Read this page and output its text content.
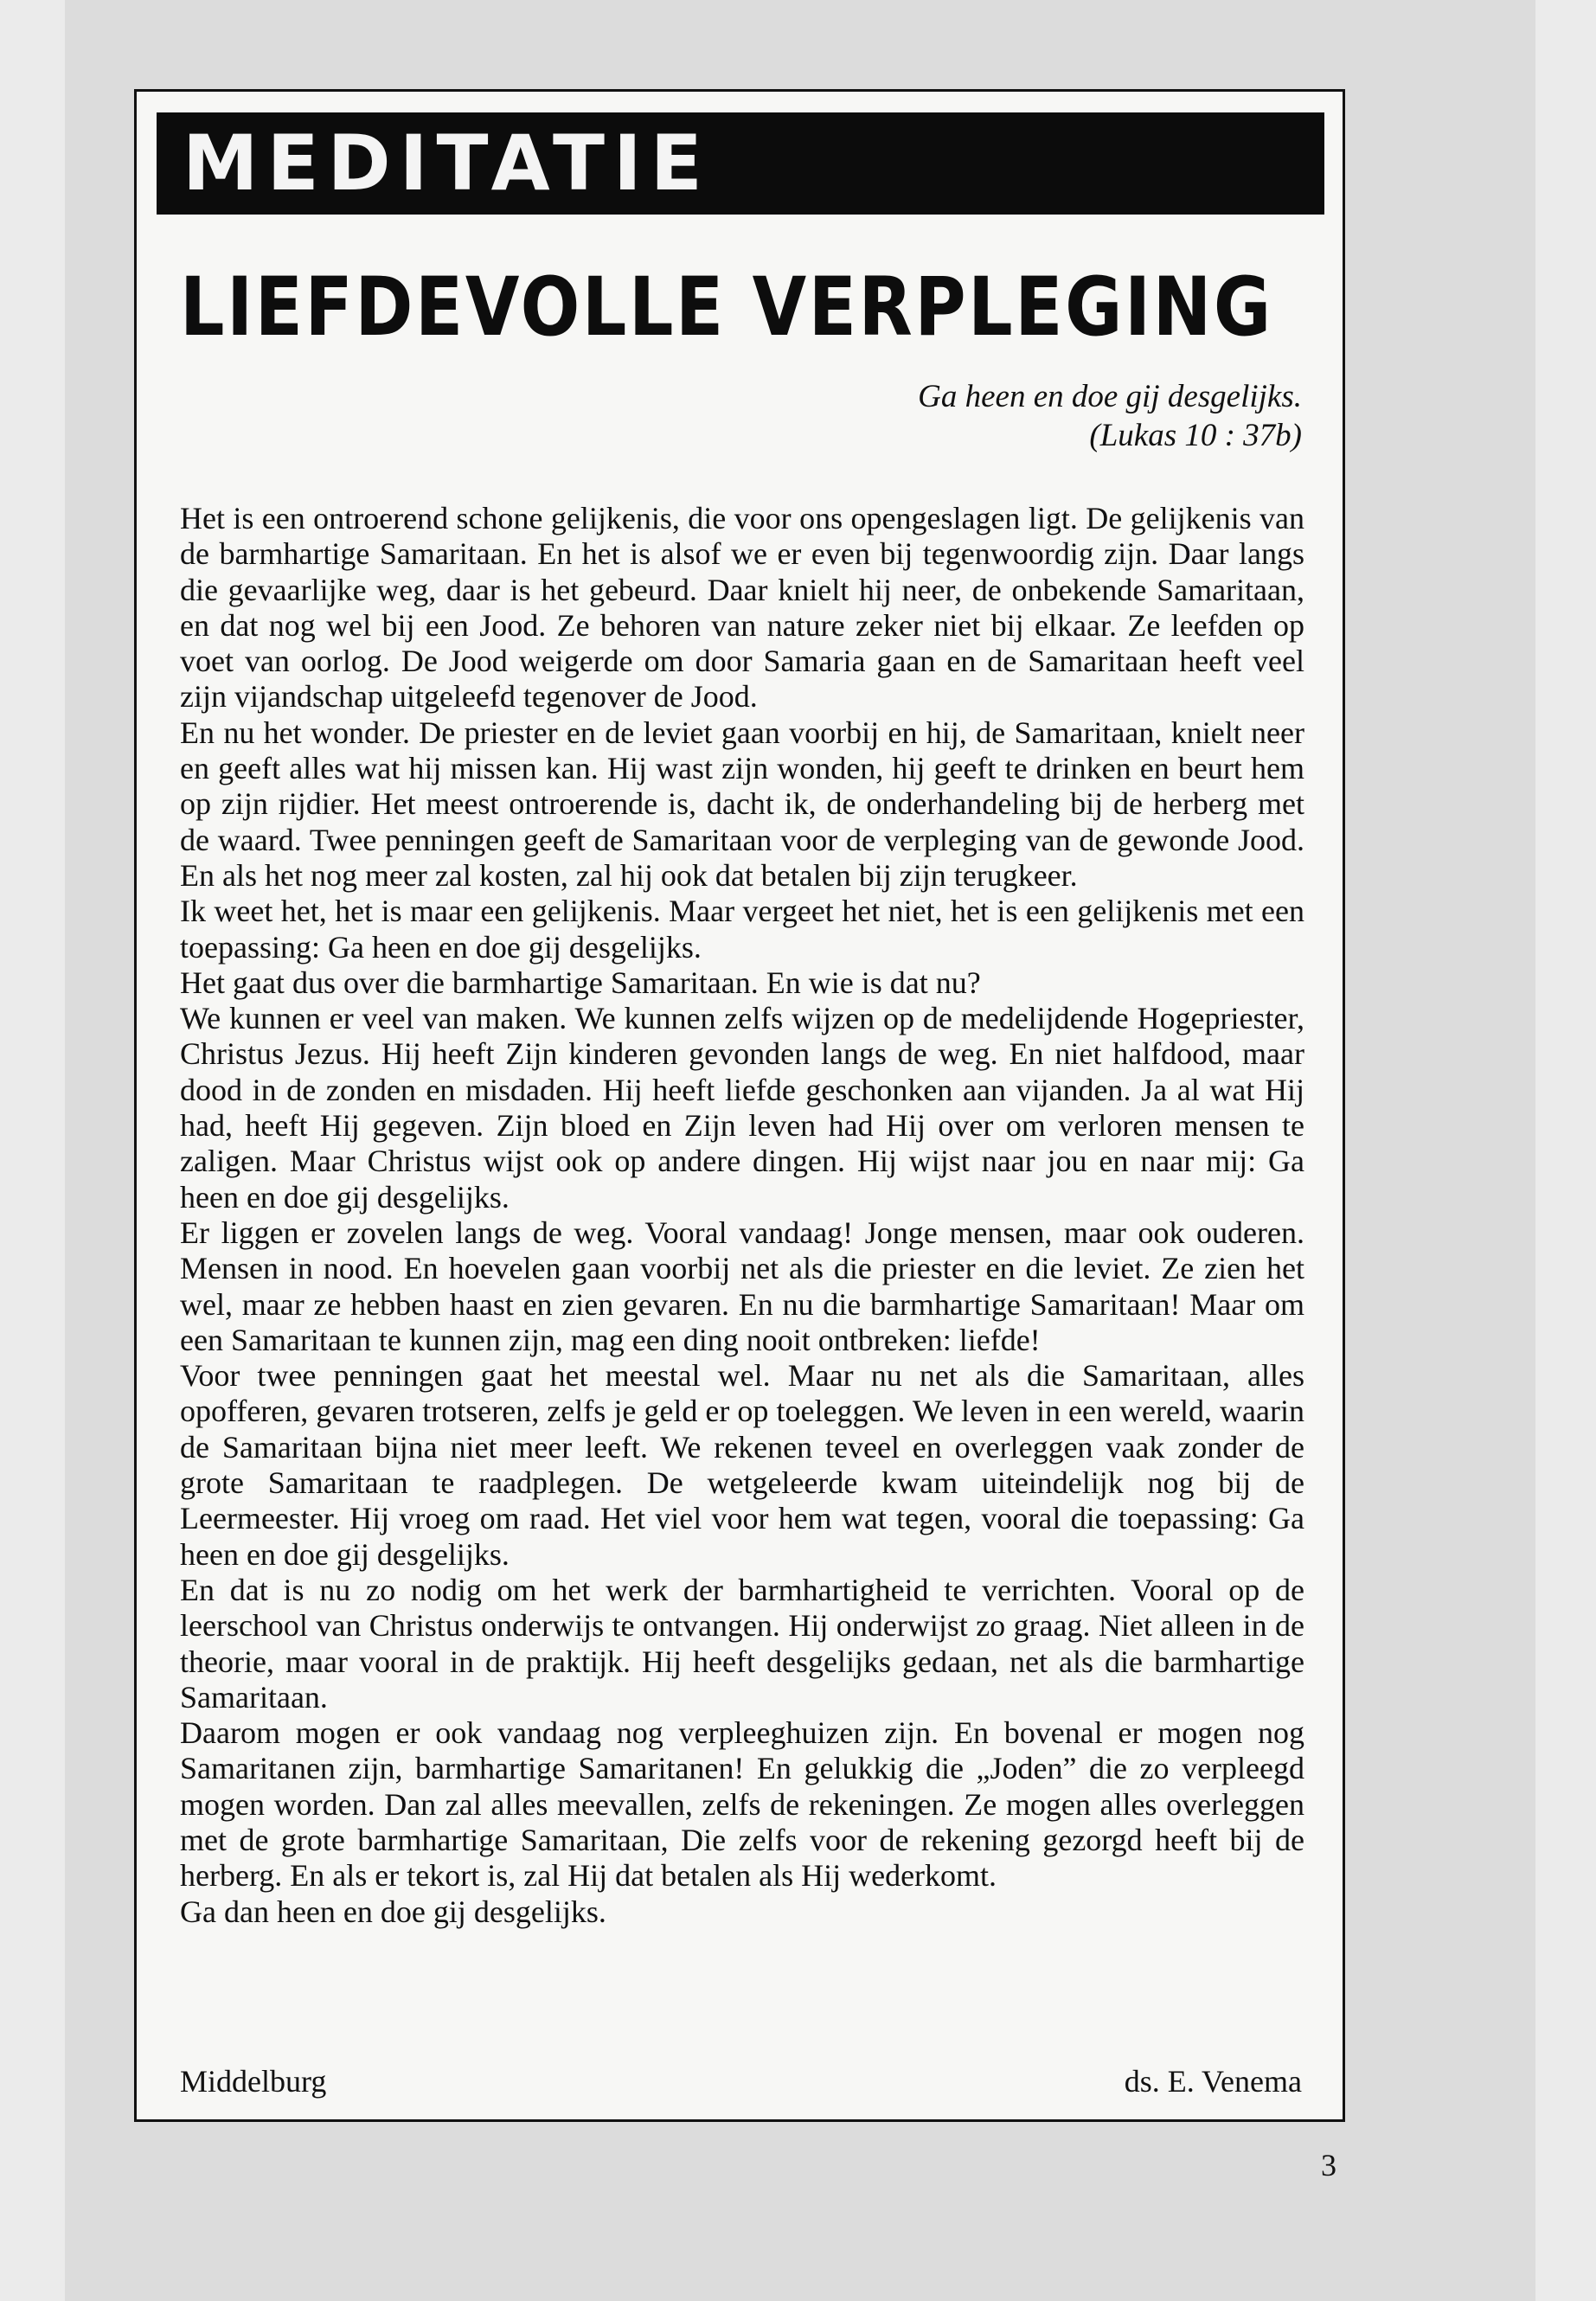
MEDITATIE
LIEFDEVOLLE VERPLEGING
Ga heen en doe gij desgelijks.
(Lukas 10 : 37b)

Het is een ontroerend schone gelijkenis, die voor ons opengeslagen ligt. De gelijkenis van de barmhartige Samaritaan. En het is alsof we er even bij tegenwoordig zijn. Daar langs die gevaarlijke weg, daar is het gebeurd. Daar knielt hij neer, de onbekende Samaritaan, en dat nog wel bij een Jood. Ze behoren van nature zeker niet bij elkaar. Ze leefden op voet van oorlog. De Jood weigerde om door Samaria gaan en de Samaritaan heeft veel zijn vijandschap uitgeleefd tegenover de Jood.

En nu het wonder. De priester en de leviet gaan voorbij en hij, de Samaritaan, knielt neer en geeft alles wat hij missen kan. Hij wast zijn wonden, hij geeft te drinken en beurt hem op zijn rijdier. Het meest ontroerende is, dacht ik, de onderhandeling bij de herberg met de waard. Twee penningen geeft de Samaritaan voor de verpleging van de gewonde Jood. En als het nog meer zal kosten, zal hij ook dat betalen bij zijn terugkeer.

Ik weet het, het is maar een gelijkenis. Maar vergeet het niet, het is een gelijkenis met een toepassing: Ga heen en doe gij desgelijks.

Het gaat dus over die barmhartige Samaritaan. En wie is dat nu?

We kunnen er veel van maken. We kunnen zelfs wijzen op de medelijdende Hogepriester, Christus Jezus. Hij heeft Zijn kinderen gevonden langs de weg. En niet halfdood, maar dood in de zonden en misdaden. Hij heeft liefde geschonken aan vijanden. Ja al wat Hij had, heeft Hij gegeven. Zijn bloed en Zijn leven had Hij over om verloren mensen te zaligen. Maar Christus wijst ook op andere dingen. Hij wijst naar jou en naar mij: Ga heen en doe gij desgelijks.

Er liggen er zovelen langs de weg. Vooral vandaag! Jonge mensen, maar ook ouderen. Mensen in nood. En hoevelen gaan voorbij net als die priester en die leviet. Ze zien het wel, maar ze hebben haast en zien gevaren. En nu die barmhartige Samaritaan! Maar om een Samaritaan te kunnen zijn, mag een ding nooit ontbreken: liefde!

Voor twee penningen gaat het meestal wel. Maar nu net als die Samaritaan, alles opofferen, gevaren trotseren, zelfs je geld er op toeleggen. We leven in een wereld, waarin de Samaritaan bijna niet meer leeft. We rekenen teveel en overleggen vaak zonder de grote Samaritaan te raadplegen. De wetgeleerde kwam uiteindelijk nog bij de Leermeester. Hij vroeg om raad. Het viel voor hem wat tegen, vooral die toepassing: Ga heen en doe gij desgelijks.

En dat is nu zo nodig om het werk der barmhartigheid te verrichten. Vooral op de leerschool van Christus onderwijs te ontvangen. Hij onderwijst zo graag. Niet alleen in de theorie, maar vooral in de praktijk. Hij heeft desgelijks gedaan, net als die barmhartige Samaritaan.

Daarom mogen er ook vandaag nog verpleeghuizen zijn. En bovenal er mogen nog Samaritanen zijn, barmhartige Samaritanen! En gelukkig die „Joden” die zo verpleegd mogen worden. Dan zal alles meevallen, zelfs de rekeningen. Ze mogen alles overleggen met de grote barmhartige Samaritaan, Die zelfs voor de rekening gezorgd heeft bij de herberg. En als er tekort is, zal Hij dat betalen als Hij wederkomt.

Ga dan heen en doe gij desgelijks.

Middelburg	ds. E. Venema
3
